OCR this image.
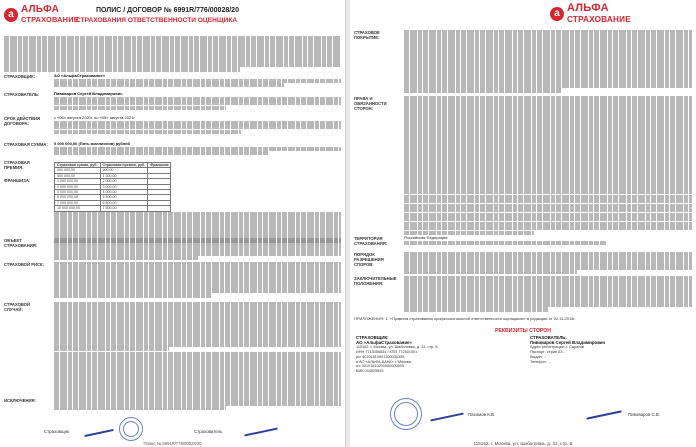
а АЛЬФА
СТРАХОВАНИЕ
ПОЛИС / ДОГОВОР № 6991R/776/00028/20
СТРАХОВАНИЯ ОТВЕТСТВЕННОСТИ ОЦЕНЩИКА
СТРАХОВЩИК:	АО «АльфаСтрахование»
СТРАХОВАТЕЛЬ:	Пивоваров Сергей Владимирович
СРОК ДЕЙСТВИЯ ДОГОВОРА:
с «06» августа 2020г. по «05» августа 2021г.
СТРАХОВАЯ СУММА:	5 000 000,00 (Пять миллионов) рублей
СТРАХОВАЯ ПРЕМИЯ:
ФРАНШИЗА:
Страховая сумма, руб.	Страховая премия, руб.	Франшиза
300 000,00	900,00	
500 000,00	1 300,00	
1 000 000,00	2 000,00	
2 000 000,00	3 000,00	
3 000 000,00	4 000,00	
5 000 000,00	5 500,00	
7 000 000,00	6 500,00	
10 000 000,00	7 500,00	
ОБЪЕКТ СТРАХОВАНИЯ:
СТРАХОВОЙ РИСК:
СТРАХОВОЙ СЛУЧАЙ:
ИСКЛЮЧЕНИЯ:
Страховщик	Страхователь
Полис № 6991R/776/00028/20
а АЛЬФА
СТРАХОВАНИЕ
СТРАХОВОЕ ПОКРЫТИЕ:
ПРАВА И ОБЯЗАННОСТИ СТОРОН:
ТЕРРИТОРИЯ СТРАХОВАНИЯ:
Российская Федерация
ПОРЯДОК РАЗРЕШЕНИЯ СПОРОВ:
ЗАКЛЮЧИТЕЛЬНЫЕ ПОЛОЖЕНИЯ:
ПРИЛОЖЕНИЯ: 1. «Правила страхования профессиональной ответственности оценщиков» в редакции от 02.11.2015г.
РЕКВИЗИТЫ СТОРОН
СТРАХОВЩИК:
АО «АльфаСтрахование»
115162, г. Москва, ул. Шаболовка, д. 31, стр. Б
ИНН 7713056834 / КПП 772501001
р/с 40701810901300000355
в АО «АЛЬФА-БАНК» г. Москва
к/с 30101810200000000593
БИК 044525593
СТРАХОВАТЕЛЬ:
Пивоваров Сергей Владимирович
Адрес регистрации: г. Саратов
Паспорт: серия 63 ..
Выдан: ...
Телефон: ...
Пахомов К.В.	Пивоваров С.В.
115162, г. Москва, ул. Шаболовка, д. 31, стр. Б
